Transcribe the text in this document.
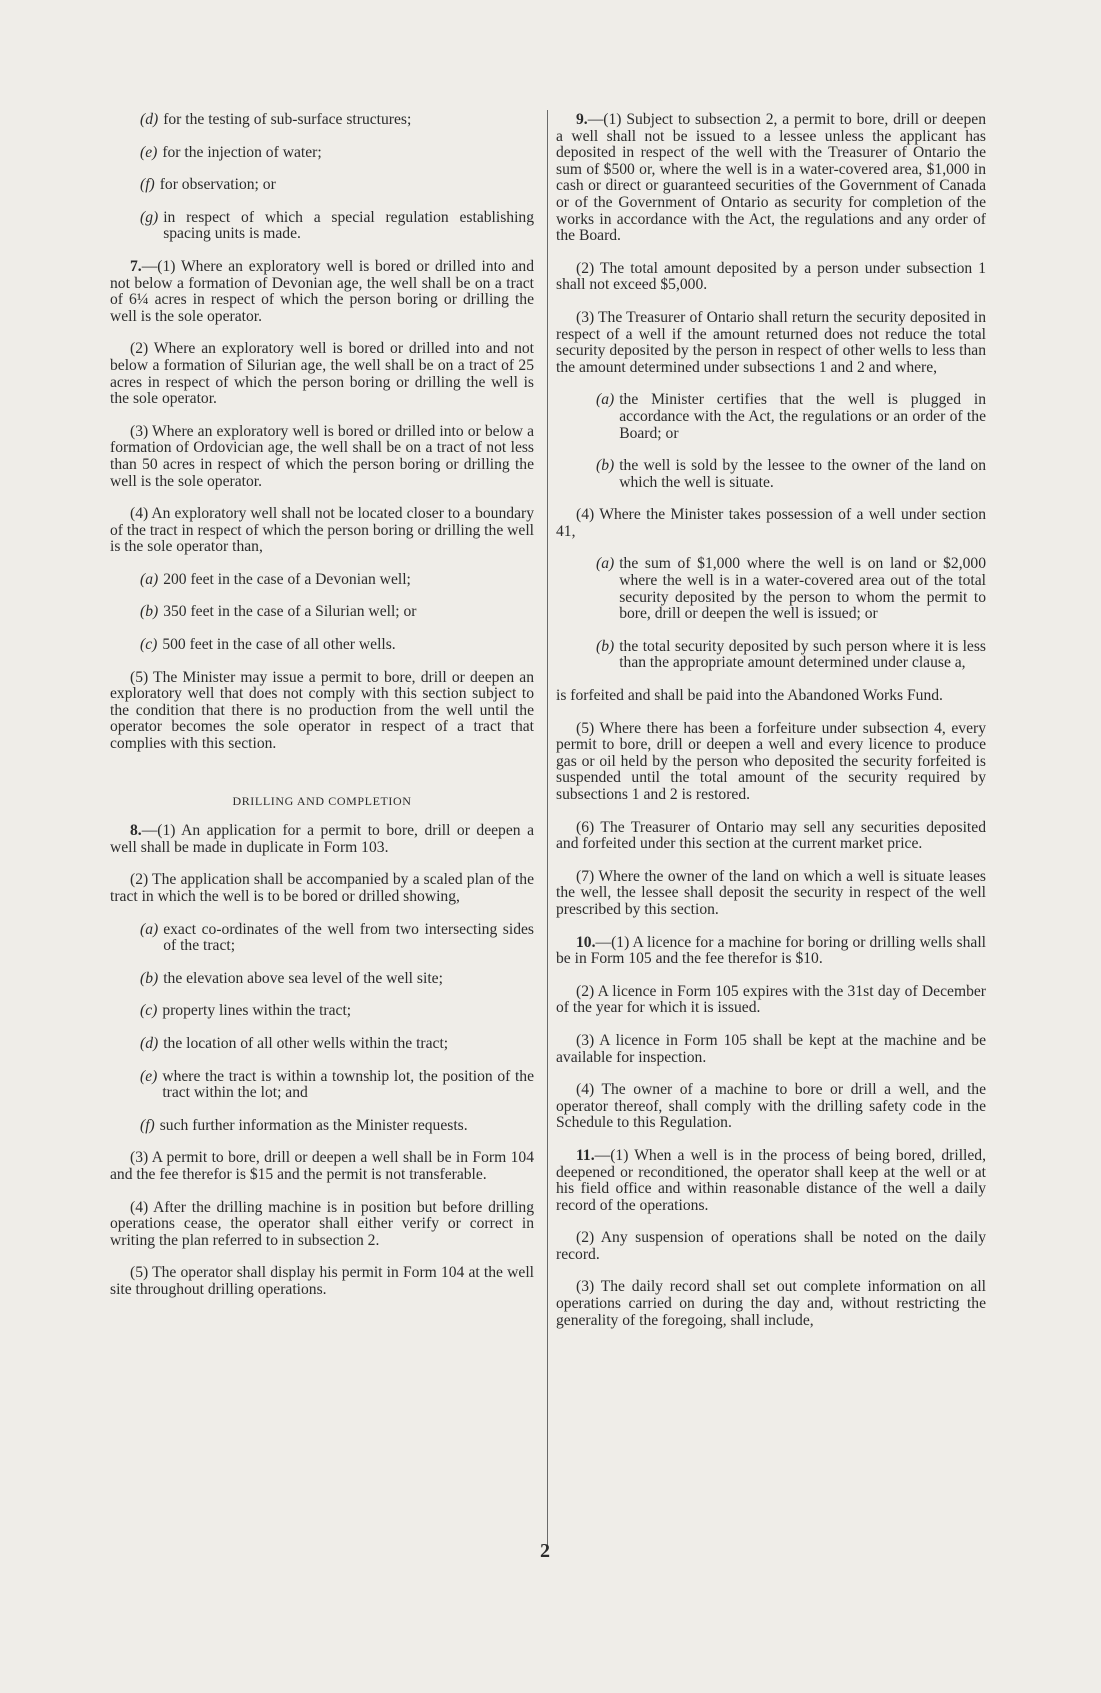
(d) for the testing of sub-surface structures;
(e) for the injection of water;
(f) for observation; or
(g) in respect of which a special regulation establishing spacing units is made.

7.—(1) Where an exploratory well is bored or drilled into and not below a formation of Devonian age, the well shall be on a tract of 6¼ acres in respect of which the person boring or drilling the well is the sole operator.

(2) Where an exploratory well is bored or drilled into and not below a formation of Silurian age, the well shall be on a tract of 25 acres in respect of which the person boring or drilling the well is the sole operator.

(3) Where an exploratory well is bored or drilled into or below a formation of Ordovician age, the well shall be on a tract of not less than 50 acres in respect of which the person boring or drilling the well is the sole operator.

(4) An exploratory well shall not be located closer to a boundary of the tract in respect of which the person boring or drilling the well is the sole operator than,

(a) 200 feet in the case of a Devonian well;
(b) 350 feet in the case of a Silurian well; or
(c) 500 feet in the case of all other wells.

(5) The Minister may issue a permit to bore, drill or deepen an exploratory well that does not comply with this section subject to the condition that there is no production from the well until the operator becomes the sole operator in respect of a tract that complies with this section.

DRILLING AND COMPLETION

8.—(1) An application for a permit to bore, drill or deepen a well shall be made in duplicate in Form 103.

(2) The application shall be accompanied by a scaled plan of the tract in which the well is to be bored or drilled showing,

(a) exact co-ordinates of the well from two intersecting sides of the tract;
(b) the elevation above sea level of the well site;
(c) property lines within the tract;
(d) the location of all other wells within the tract;
(e) where the tract is within a township lot, the position of the tract within the lot; and
(f) such further information as the Minister requests.

(3) A permit to bore, drill or deepen a well shall be in Form 104 and the fee therefor is $15 and the permit is not transferable.

(4) After the drilling machine is in position but before drilling operations cease, the operator shall either verify or correct in writing the plan referred to in subsection 2.

(5) The operator shall display his permit in Form 104 at the well site throughout drilling operations.

9.—(1) Subject to subsection 2, a permit to bore, drill or deepen a well shall not be issued to a lessee unless the applicant has deposited in respect of the well with the Treasurer of Ontario the sum of $500 or, where the well is in a water-covered area, $1,000 in cash or direct or guaranteed securities of the Government of Canada or of the Government of Ontario as security for completion of the works in accordance with the Act, the regulations and any order of the Board.

(2) The total amount deposited by a person under subsection 1 shall not exceed $5,000.

(3) The Treasurer of Ontario shall return the security deposited in respect of a well if the amount returned does not reduce the total security deposited by the person in respect of other wells to less than the amount determined under subsections 1 and 2 and where,

(a) the Minister certifies that the well is plugged in accordance with the Act, the regulations or an order of the Board; or
(b) the well is sold by the lessee to the owner of the land on which the well is situate.

(4) Where the Minister takes possession of a well under section 41,

(a) the sum of $1,000 where the well is on land or $2,000 where the well is in a water-covered area out of the total security deposited by the person to whom the permit to bore, drill or deepen the well is issued; or
(b) the total security deposited by such person where it is less than the appropriate amount determined under clause a,

is forfeited and shall be paid into the Abandoned Works Fund.

(5) Where there has been a forfeiture under subsection 4, every permit to bore, drill or deepen a well and every licence to produce gas or oil held by the person who deposited the security forfeited is suspended until the total amount of the security required by subsections 1 and 2 is restored.

(6) The Treasurer of Ontario may sell any securities deposited and forfeited under this section at the current market price.

(7) Where the owner of the land on which a well is situate leases the well, the lessee shall deposit the security in respect of the well prescribed by this section.

10.—(1) A licence for a machine for boring or drilling wells shall be in Form 105 and the fee therefor is $10.

(2) A licence in Form 105 expires with the 31st day of December of the year for which it is issued.

(3) A licence in Form 105 shall be kept at the machine and be available for inspection.

(4) The owner of a machine to bore or drill a well, and the operator thereof, shall comply with the drilling safety code in the Schedule to this Regulation.

11.—(1) When a well is in the process of being bored, drilled, deepened or reconditioned, the operator shall keep at the well or at his field office and within reasonable distance of the well a daily record of the operations.

(2) Any suspension of operations shall be noted on the daily record.

(3) The daily record shall set out complete information on all operations carried on during the day and, without restricting the generality of the foregoing, shall include,

2
